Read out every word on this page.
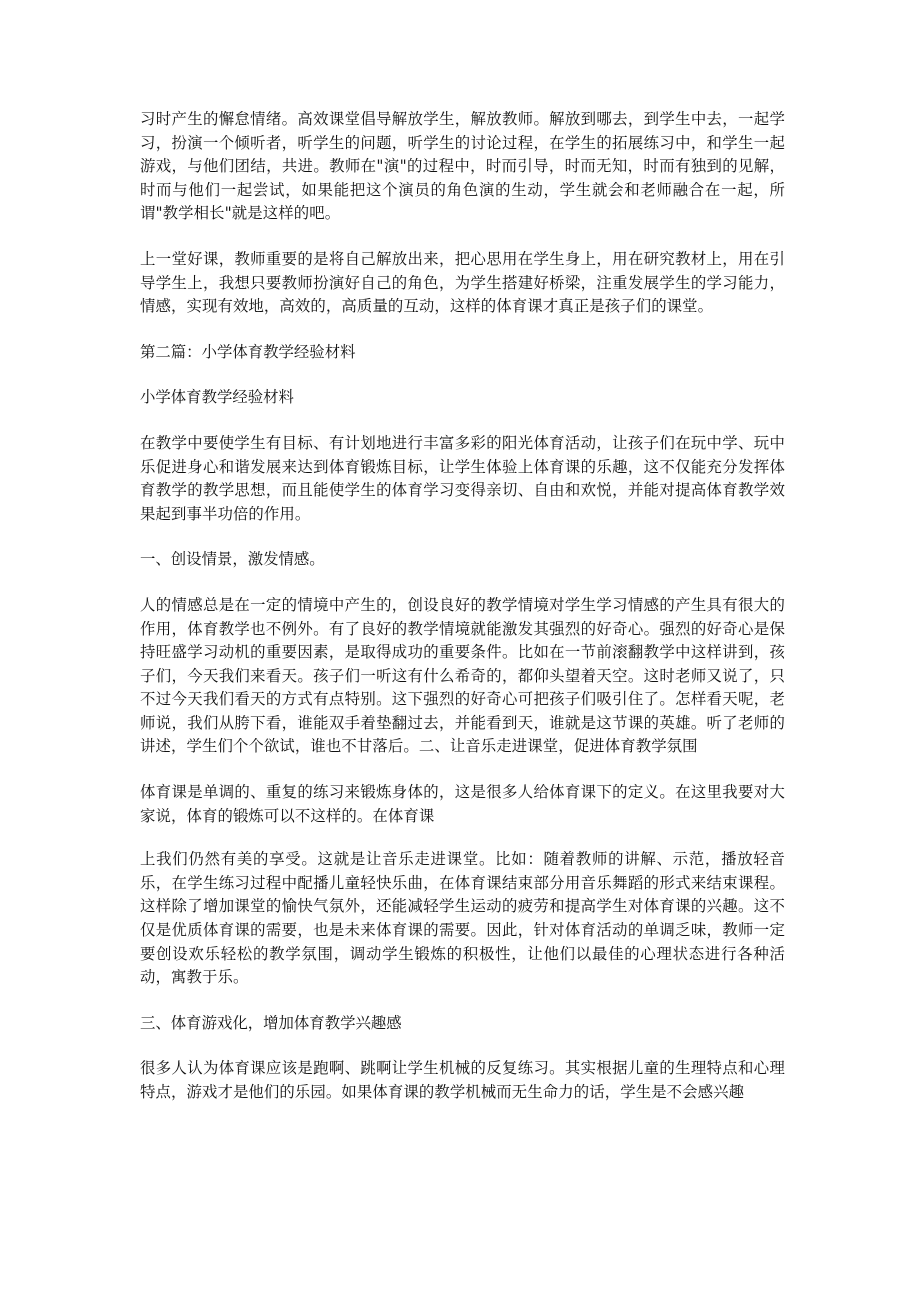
习时产生的懈怠情绪。高效课堂倡导解放学生，解放教师。解放到哪去，到学生中去，一起学习，扮演一个倾听者，听学生的问题，听学生的讨论过程，在学生的拓展练习中，和学生一起游戏，与他们团结，共进。教师在"演"的过程中，时而引导，时而无知，时而有独到的见解，时而与他们一起尝试，如果能把这个演员的角色演的生动，学生就会和老师融合在一起，所谓"教学相长"就是这样的吧。

上一堂好课，教师重要的是将自己解放出来，把心思用在学生身上，用在研究教材上，用在引导学生上，我想只要教师扮演好自己的角色，为学生搭建好桥梁，注重发展学生的学习能力，情感，实现有效地，高效的，高质量的互动，这样的体育课才真正是孩子们的课堂。

第二篇：小学体育教学经验材料

小学体育教学经验材料

在教学中要使学生有目标、有计划地进行丰富多彩的阳光体育活动，让孩子们在玩中学、玩中乐促进身心和谐发展来达到体育锻炼目标，让学生体验上体育课的乐趣，这不仅能充分发挥体育教学的教学思想，而且能使学生的体育学习变得亲切、自由和欢悦，并能对提高体育教学效果起到事半功倍的作用。

一、创设情景，激发情感。

人的情感总是在一定的情境中产生的，创设良好的教学情境对学生学习情感的产生具有很大的作用，体育教学也不例外。有了良好的教学情境就能激发其强烈的好奇心。强烈的好奇心是保持旺盛学习动机的重要因素，是取得成功的重要条件。比如在一节前滚翻教学中这样讲到，孩子们，今天我们来看天。孩子们一听这有什么希奇的，都仰头望着天空。这时老师又说了，只不过今天我们看天的方式有点特别。这下强烈的好奇心可把孩子们吸引住了。怎样看天呢，老师说，我们从胯下看，谁能双手着垫翻过去，并能看到天，谁就是这节课的英雄。听了老师的讲述，学生们个个欲试，谁也不甘落后。二、让音乐走进课堂，促进体育教学氛围

体育课是单调的、重复的练习来锻炼身体的，这是很多人给体育课下的定义。在这里我要对大家说，体育的锻炼可以不这样的。在体育课

上我们仍然有美的享受。这就是让音乐走进课堂。比如：随着教师的讲解、示范，播放轻音乐，在学生练习过程中配播儿童轻快乐曲，在体育课结束部分用音乐舞蹈的形式来结束课程。这样除了增加课堂的愉快气氛外，还能减轻学生运动的疲劳和提高学生对体育课的兴趣。这不仅是优质体育课的需要，也是未来体育课的需要。因此，针对体育活动的单调乏味，教师一定要创设欢乐轻松的教学氛围，调动学生锻炼的积极性，让他们以最佳的心理状态进行各种活动，寓教于乐。

三、体育游戏化，增加体育教学兴趣感

很多人认为体育课应该是跑啊、跳啊让学生机械的反复练习。其实根据儿童的生理特点和心理特点，游戏才是他们的乐园。如果体育课的教学机械而无生命力的话，学生是不会感兴趣
